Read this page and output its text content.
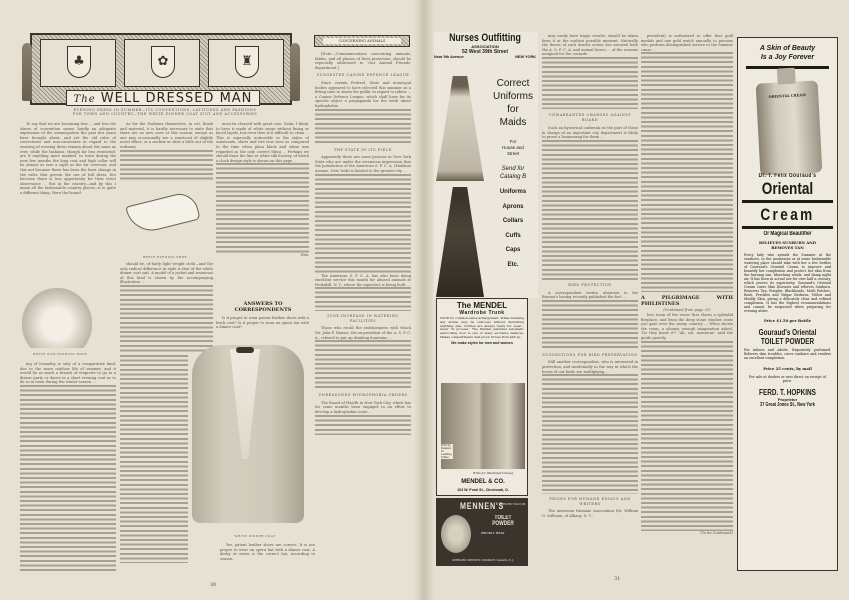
♣	✿	♜
The WELL DRESSED MAN
EVENING DRESS IN SUMMER—ITS CONVENTIONS, LATITUDES AND FASHIONS FOR TOWN AND COUNTRY—THE WHITE DINNER COAT SUIT AND ACCESSORIES

To say that we are becoming less ... and less the slaves of convention seems hardly an adequate expression of the emancipation the past few years have brought about, and yet the old rules of correctness and inaccurateness in regard to the wearing of evening dress remain about the same as ever, while the fashions, though far less restricted, are if anything more marked. In town during the next few months the long coat and high collar will be almost as rare a sight as the fur overcoat, and this not because there has been the least change in the rules that govern the use of full dress, but because there is less opportunity for their strict observance ... But in the country—and by this I mean all the fashionable country places—it is quite a different thing. Here the bound-

WHITE SILK EVENING HOSE

ing of formality is only of a comparative kind, due to the more outdoor life of summer, and it would be as much a breach of etiquette to go to a dinner party or dance in a short evening coat as to do so in town during the winter season ...

As for the Fashions themselves, in cut, finish and material, it is hardly necessary to state that there are no new ones at this season, except as one may occasionally see a waistcoat of slightly novel effect, or a necktie or shirt a little out of the ordinary.

WHITE EVENING SHOE

should be, of fairly light weight cloth—and the only radical difference in style is that of the white dinner coat suit. A model of a jacket and waistcoat of this kind is shown by the accompanying illustration ...

must be cleaned with great care. Satin, I think, to have it made of white serge without lining or faced lapels, but even then it is difficult to clean ... This is especially noticeable in the styles of waistcoats, shirts and ties now seen as compared to the time when plain black and white was regarded as the only correct thing ... Perhaps we should draw the line at white silk hosiery, of which a clock design style is shown on this page ...

Hex.
ANSWERS TO CORRESPONDENTS

Is it proper to wear patent leather shoes with a frock coat? Is it proper to wear an opera hat with a dinner coat?

WHITE DINNER COAT

Yes, patent leather shoes are correct. It is not proper to wear an opera hat with a dinner coat. A derby or straw is the correct hat, according to season.

30
CONCERNING ANIMALS

[Note.—Communications concerning animals, fables, and all phases of their protection, should be especially addressed to 'Our Animal Friends' department.]

SUGGESTED CANINE DEFENCE LEAGUE

Since certain Federal, State and municipal bodies appeared to have selected this summer as a fitting time to alarm the public in regard to rabies ... a Canine Defence League, which shall have for its specific object a propaganda for the truth about hydrophobia.

THE STATE IN ITS FIELD

Apparently there are some persons in New York State who are under the erroneous impression that the jurisdiction of the American S. P. C. A. (Madison Avenue, New York) is limited to the greater city ...

The American S. P. C. A. has also been doing excellent service this month for abused animals at Peekskill, N. Y., where the aqueduct is being built ...

JUNE INCREASE IN WATERING FACILITIES

Those who recall the stubbornness with which Mr. John P. Haines, the ex-president of the A. S. P. C. A., refused to put up drinking fountains ...

UNREASONED HYDROPHOBIA ORDERS

The Board of Health in New York City, which has for some months been engaged in an effort to develop a hydrophobia scare ...

Nurses Outfitting
ASSOCIATION
52 West 39th Street
Near 5th Avenue	NEW YORK
Correct
Uniforms
for
Maids
For
House and
Street
Send for
Catalog B
Uniforms
Aprons
Collars
Cuffs
Caps
Etc.
The MENDEL
Wardrobe Trunk
NOTE its common-sense arrangement. While traveling any article may be removed without disturbing anything else. Clothes are always ready for wear—never 'in process.' The Mendel patented automatic self-locking door is one of many exclusive features. Makes compartments dust proof. Prices from $45 up.
We make styles for men and women
Sold by Dealers in Leading Cities
Write for Illustrated Catalog
MENDEL & CO.
103 W. Pearl St., Cincinnati, O.
MENNEN'S
BORATED TALCUM
TOILET POWDER
PRICKLY HEAT
GERHARD MENNEN COMPANY, Newark, N. J.

may easily have tragic results, should be taken from it at the earliest possible moment. Naturally the threat of such drastic action has aroused both the A. S. P. C. A. and animal lovers ... of the reasons assigned for the crusade.

UNWARRANTED CHARGES AGAINST BOARD

Such an hysterical outbreak on the part of those in charge of an important city department is likely to prove a boomerang for them ...

BIRD PROTECTION

A correspondent invites attention to the Bureau's having recently published the fact ...

SUGGESTIONS FOR BIRD PRESERVATION

Still another correspondent, who is interested in protection, and incidentally in the way in which the bones of our birds are multiplying ...

PRIZES FOR HUMANE ESSAYS AND WRITERS

The American Humane Association (Dr. William O. Stillman, of Albany, N. Y.,

president) is authorized to offer four gold medals and one gold watch annually to persons who perform distinguished service in the humane cause ...

A PILGRIMAGE WITH PHILISTINES
(Continued from page 31)

less room of the tower that shows a splendid fireplace, and from the deep stone window seats you gaze over the sunny country ... When shown the room, a gloomy enough imagination asked, 'Do they know it?' 'Ah, oui, monsieur,' said the guide gravely.

(To be Continued)
31
A Skin of Beauty
Is a Joy Forever
ORIENTAL CREAM
Dr. T. Felix Gouraud's
Oriental
Cream
Or Magical Beautifier
RELIEVES SUNBURN AND REMOVES TAN
Every lady who spends the Summer at the seashore, in the mountains or at some fashionable watering place should take with her a few bottles of Gouraud's Oriental Cream to improve and beautify her complexion and protect her skin from the burning sun, bleaching winds, and damp night air. It has been in actual use for over half a century, which proves its superiority. Gouraud's Oriental Cream cures Skin Diseases and relieves Sunburn. Removes Tan, Pimples, Blackheads, Moth Patches, Rash, Freckles and Vulgar Redness, Yellow and Muddy Skin, giving a delicately clear and refined complexion. It has the highest recommendations and cannot be surpassed when preparing for evening attire.
Price $1.50 per Bottle
Gouraud's Oriental
TOILET POWDER
For infants and adults. Exquisitely perfumed. Relieves skin troubles, cures sunburn and renders an excellent complexion.
Price 25 cents, by mail
For sale at dealers or sent direct on receipt of price.
FERD. T. HOPKINS
Proprietor
37 Great Jones St., New York
